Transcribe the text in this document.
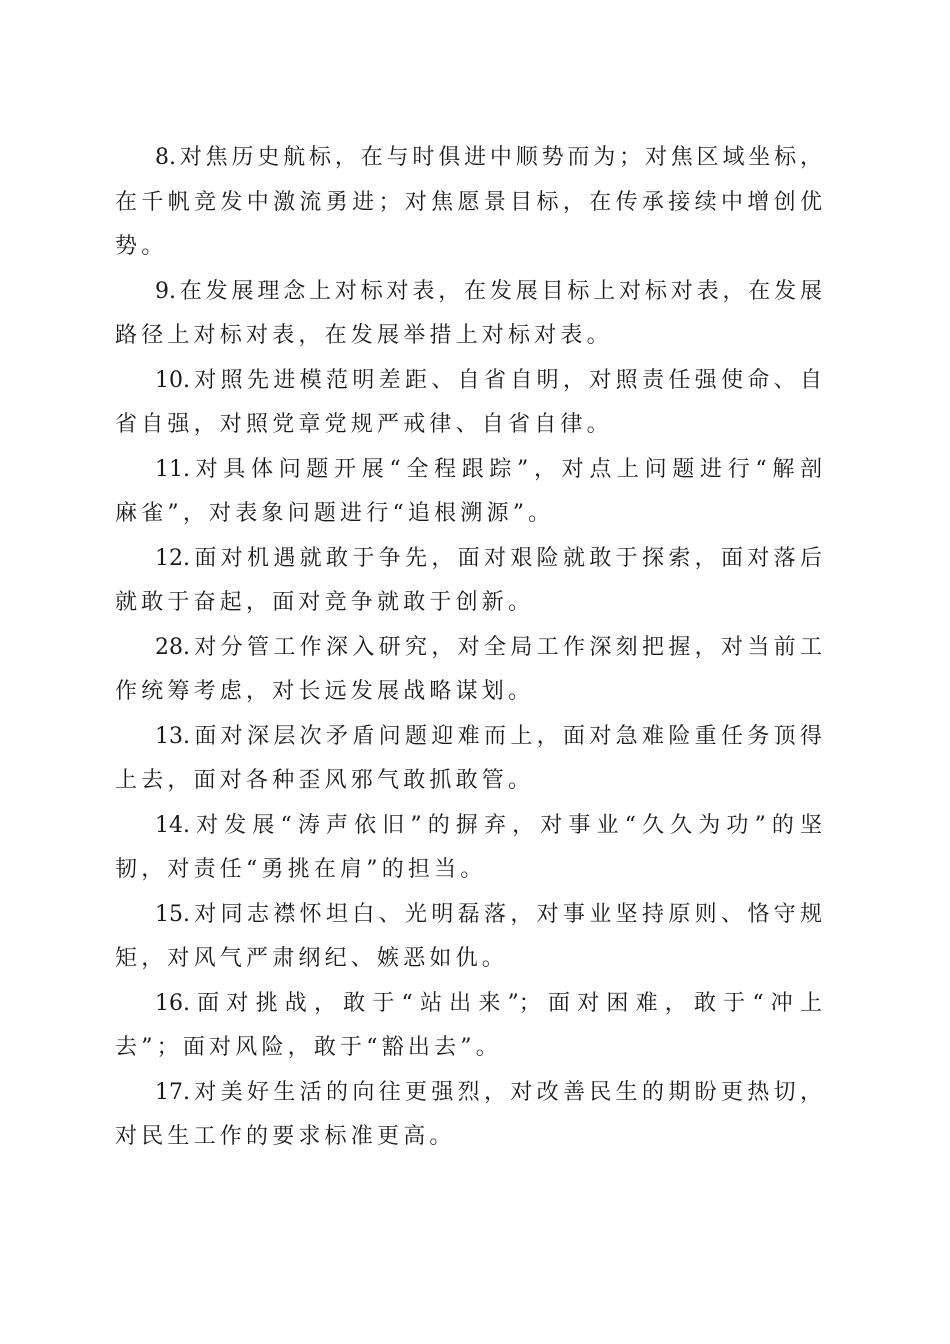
8.对焦历史航标，在与时俱进中顺势而为；对焦区域坐标，
在千帆竞发中激流勇进；对焦愿景目标，在传承接续中增创优
势。
9.在发展理念上对标对表，在发展目标上对标对表，在发展
路径上对标对表，在发展举措上对标对表。
10.对照先进模范明差距、自省自明，对照责任强使命、自
省自强，对照党章党规严戒律、自省自律。
11.对具体问题开展“全程跟踪”，对点上问题进行“解剖
麻雀”，对表象问题进行“追根溯源”。
12.面对机遇就敢于争先，面对艰险就敢于探索，面对落后
就敢于奋起，面对竞争就敢于创新。
28.对分管工作深入研究，对全局工作深刻把握，对当前工
作统筹考虑，对长远发展战略谋划。
13.面对深层次矛盾问题迎难而上，面对急难险重任务顶得
上去，面对各种歪风邪气敢抓敢管。
14.对发展“涛声依旧”的摒弃，对事业“久久为功”的坚
韧，对责任“勇挑在肩”的担当。
15.对同志襟怀坦白、光明磊落，对事业坚持原则、恪守规
矩，对风气严肃纲纪、嫉恶如仇。
16.面对挑战，敢于“站出来”；面对困难，敢于“冲上
去”；面对风险，敢于“豁出去”。
17.对美好生活的向往更强烈，对改善民生的期盼更热切，
对民生工作的要求标准更高。
